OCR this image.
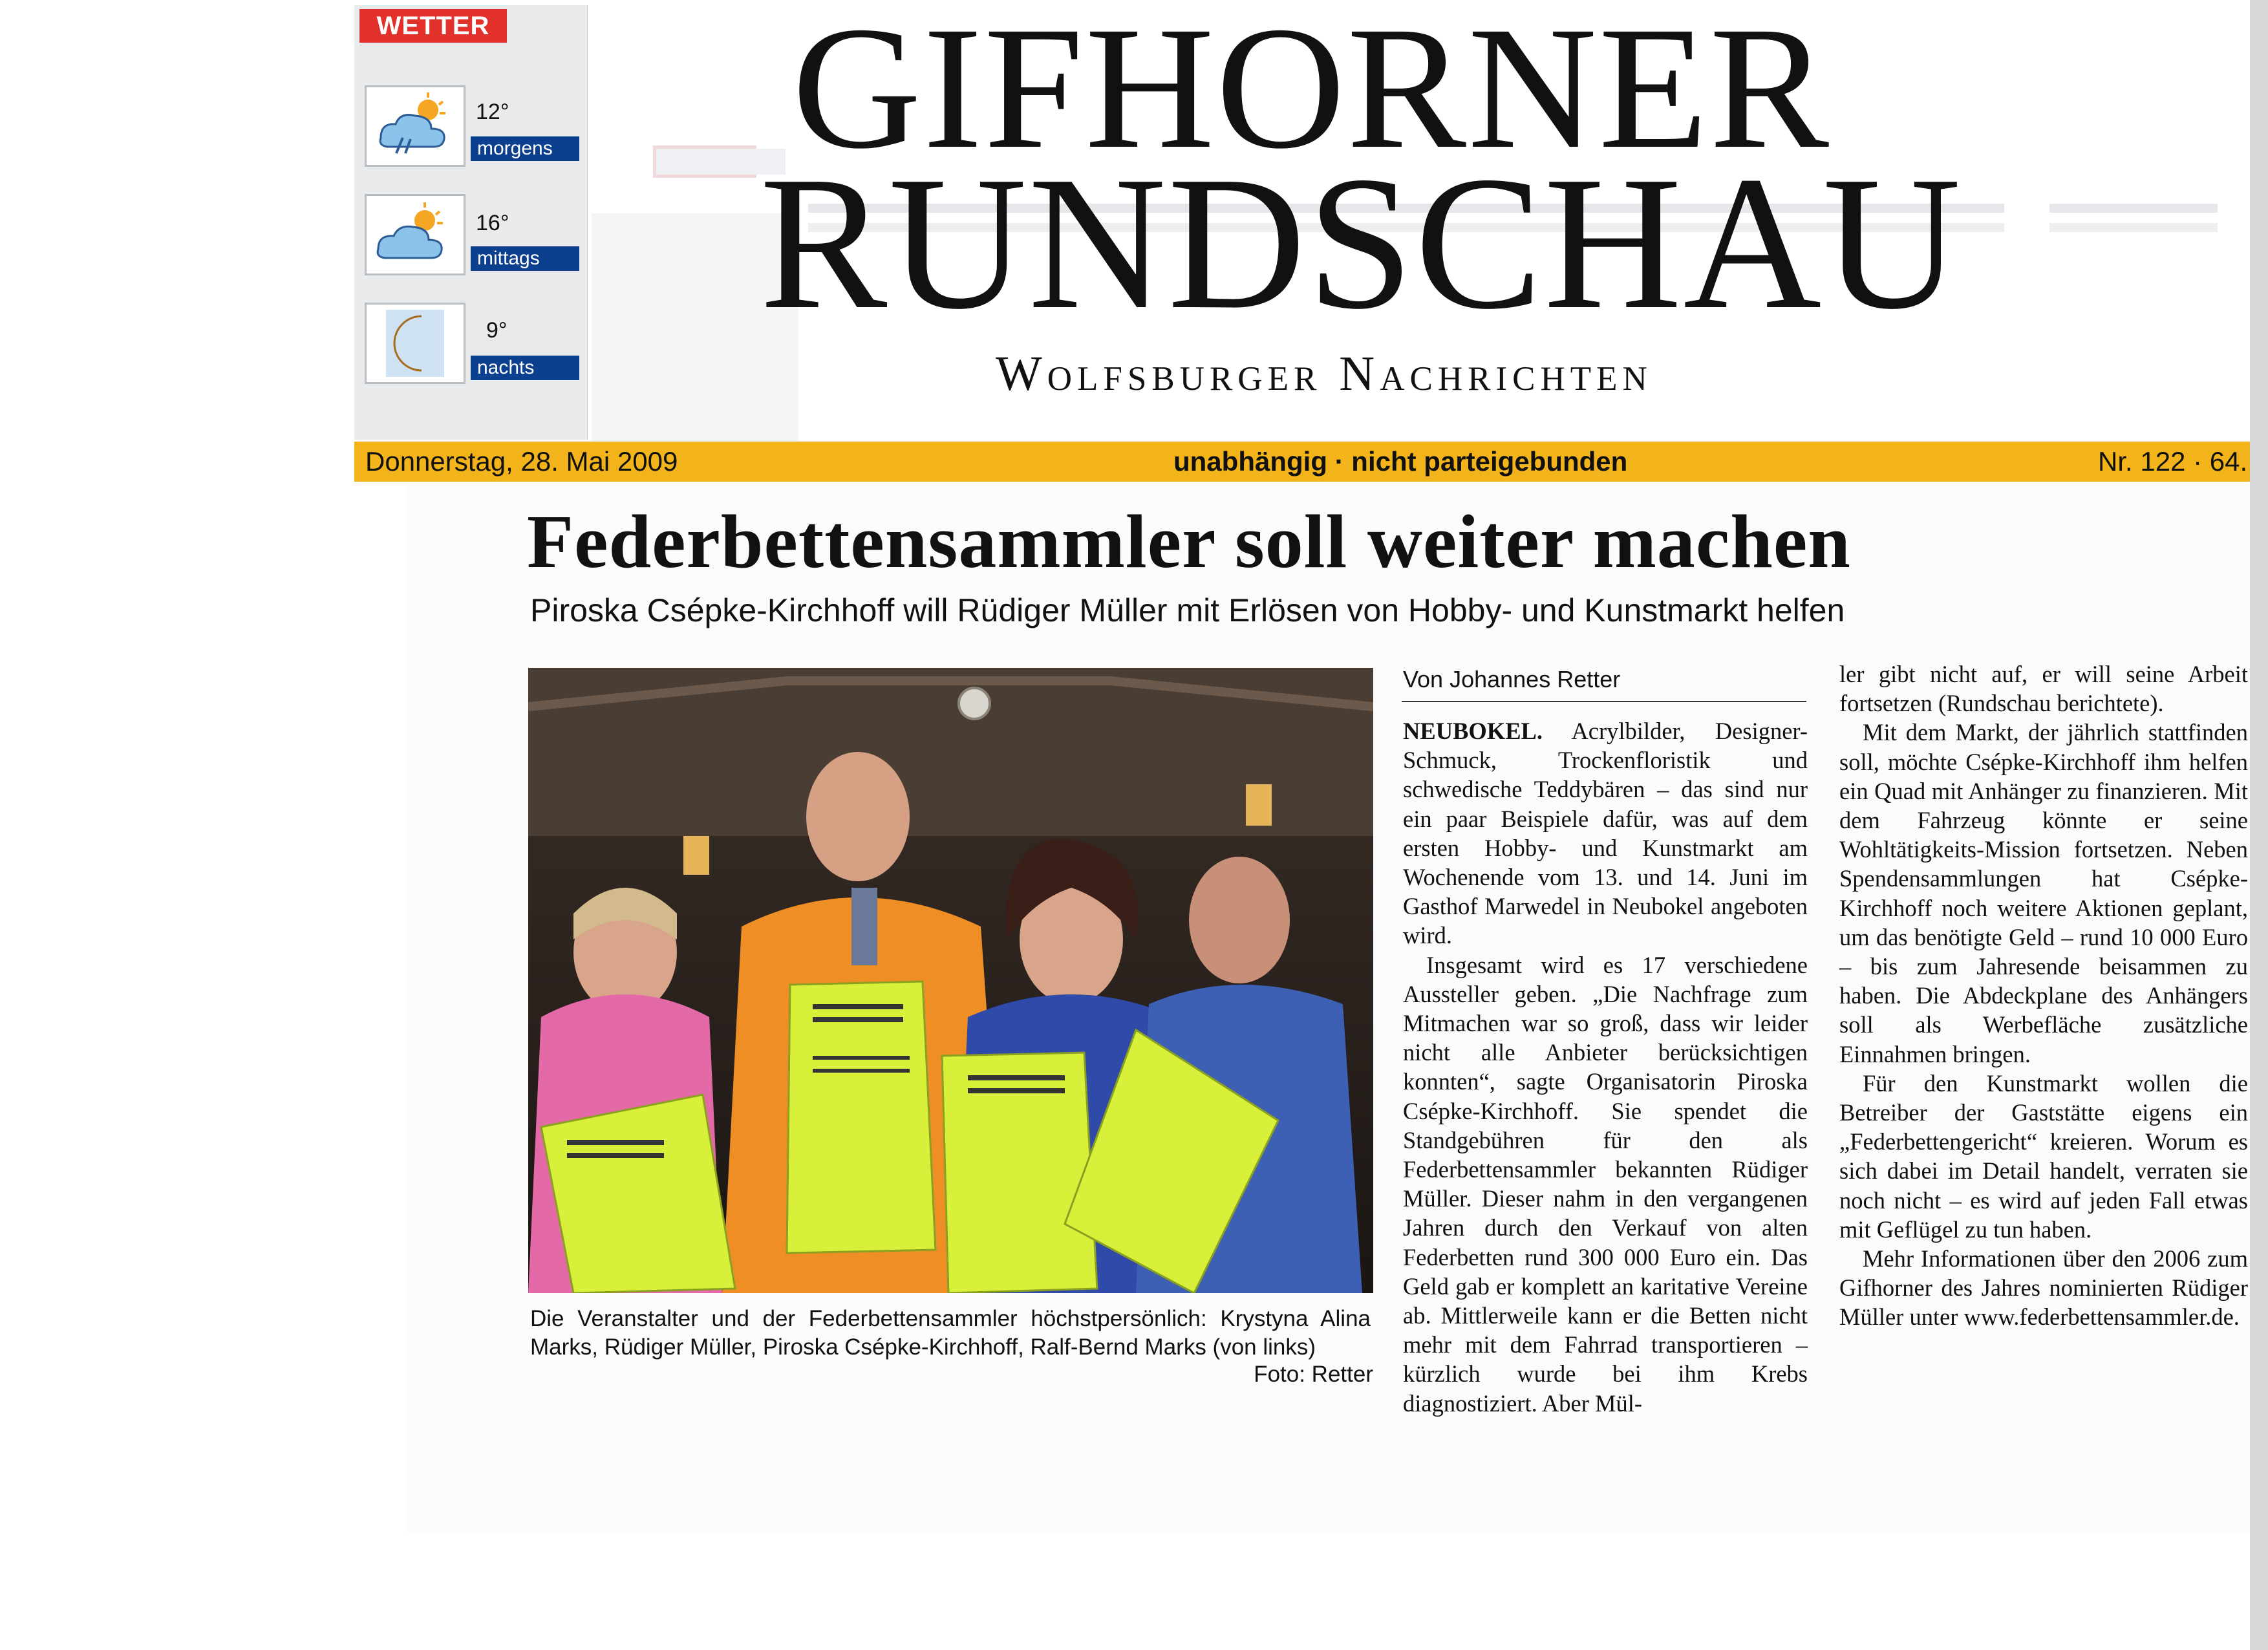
WETTER
12°
morgens
16°
mittags
9°
nachts
GIFHORNER
RUNDSCHAU
Wolfsburger Nachrichten
Donnerstag, 28. Mai 2009	unabhängig · nicht parteigebunden	Nr. 122 · 64.
Federbettensammler soll weiter machen
Piroska Csépke-Kirchhoff will Rüdiger Müller mit Erlösen von Hobby- und Kunstmarkt helfen
Die Veranstalter und der Federbettensammler höchstpersönlich: Krystyna Alina Marks, Rüdiger Müller, Piroska Csépke-Kirchhoff, Ralf-Bernd Marks (von links)
Foto: Retter
Von Johannes Retter

NEUBOKEL. Acrylbilder, Designer-Schmuck, Trockenfloristik und schwedische Teddybären – das sind nur ein paar Beispiele dafür, was auf dem ersten Hobby- und Kunstmarkt am Wochenende vom 13. und 14. Juni im Gasthof Marwedel in Neubokel angeboten wird.

Insgesamt wird es 17 verschiedene Aussteller geben. „Die Nachfrage zum Mitmachen war so groß, dass wir leider nicht alle Anbieter berücksichtigen konnten“, sagte Organisatorin Piroska Csépke-Kirchhoff. Sie spendet die Standgebühren für den als Federbettensammler bekannten Rüdiger Müller. Dieser nahm in den vergangenen Jahren durch den Verkauf von alten Federbetten rund 300 000 Euro ein. Das Geld gab er komplett an karitative Vereine ab. Mittlerweile kann er die Betten nicht mehr mit dem Fahrrad transportieren – kürzlich wurde bei ihm Krebs diagnostiziert. Aber Mül-

ler gibt nicht auf, er will seine Arbeit fortsetzen (Rundschau berichtete).

Mit dem Markt, der jährlich stattfinden soll, möchte Csépke-Kirchhoff ihm helfen ein Quad mit Anhänger zu finanzieren. Mit dem Fahrzeug könnte er seine Wohltätigkeits-Mission fortsetzen. Neben Spendensammlungen hat Csépke-Kirchhoff noch weitere Aktionen geplant, um das benötigte Geld – rund 10 000 Euro – bis zum Jahresende beisammen zu haben. Die Abdeckplane des Anhängers soll als Werbefläche zusätzliche Einnahmen bringen.

Für den Kunstmarkt wollen die Betreiber der Gaststätte eigens ein „Federbettengericht“ kreieren. Worum es sich dabei im Detail handelt, verraten sie noch nicht – es wird auf jeden Fall etwas mit Geflügel zu tun haben.

Mehr Informationen über den 2006 zum Gifhorner des Jahres nominierten Rüdiger Müller unter www.federbettensammler.de.
